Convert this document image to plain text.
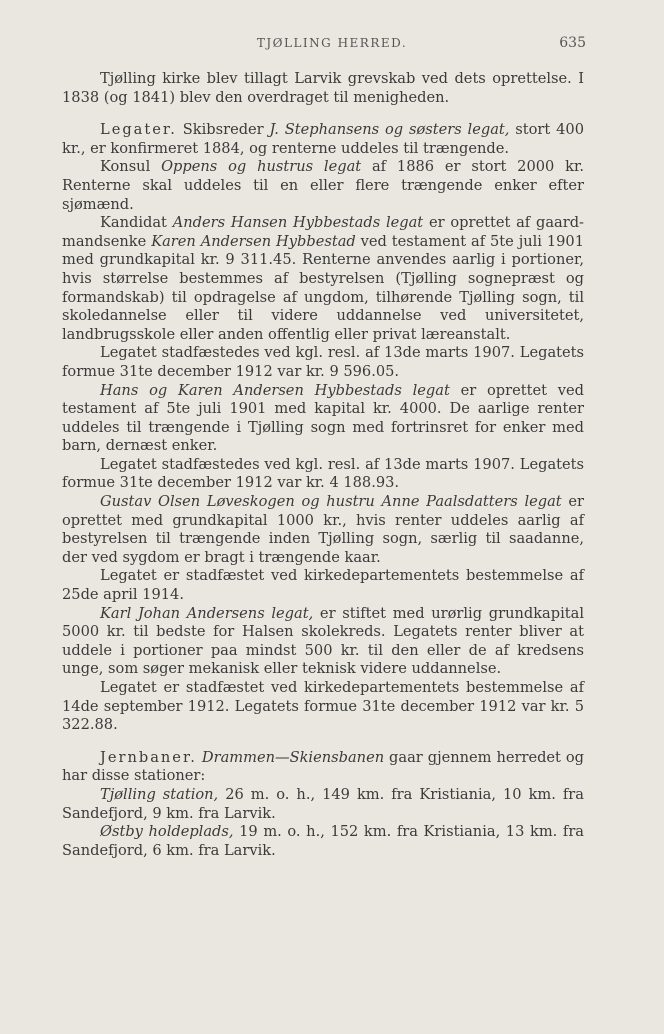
TJØLLING HERRED.	635

Tjølling kirke blev tillagt Larvik grevskab ved dets oprettelse. I 1838 (og 1841) blev den overdraget til menigheden.

Legater. Skibsreder J. Stephansens og søsters legat, stort 400 kr., er konfirmeret 1884, og renterne uddeles til trængende.

Konsul Oppens og hustrus legat af 1886 er stort 2000 kr. Renterne skal uddeles til en eller flere trængende enker efter sjømænd.

Kandidat Anders Hansen Hybbestads legat er oprettet af gaardmandsenke Karen Andersen Hybbestad ved testament af 5te juli 1901 med grundkapital kr. 9 311.45. Renterne anvendes aarlig i portioner, hvis størrelse bestemmes af bestyrelsen (Tjølling sognepræst og formandskab) til opdragelse af ungdom, tilhørende Tjølling sogn, til skoledannelse eller til videre uddannelse ved universitetet, landbrugsskole eller anden offentlig eller privat læreanstalt.

Legatet stadfæstedes ved kgl. resl. af 13de marts 1907. Legatets formue 31te december 1912 var kr. 9 596.05.

Hans og Karen Andersen Hybbestads legat er oprettet ved testament af 5te juli 1901 med kapital kr. 4000. De aarlige renter uddeles til trængende i Tjølling sogn med fortrinsret for enker med barn, dernæst enker.

Legatet stadfæstedes ved kgl. resl. af 13de marts 1907. Legatets formue 31te december 1912 var kr. 4 188.93.

Gustav Olsen Løveskogen og hustru Anne Paalsdatters legat er oprettet med grundkapital 1000 kr., hvis renter uddeles aarlig af bestyrelsen til trængende inden Tjølling sogn, særlig til saadanne, der ved sygdom er bragt i trængende kaar.

Legatet er stadfæstet ved kirkedepartementets bestemmelse af 25de april 1914.

Karl Johan Andersens legat, er stiftet med urørlig grundkapital 5000 kr. til bedste for Halsen skolekreds. Legatets renter bliver at uddele i portioner paa mindst 500 kr. til den eller de af kredsens unge, som søger mekanisk eller teknisk videre uddannelse.

Legatet er stadfæstet ved kirkedepartementets bestemmelse af 14de september 1912. Legatets formue 31te december 1912 var kr. 5 322.88.

Jernbaner. Drammen—Skiensbanen gaar gjennem herredet og har disse stationer:

Tjølling station, 26 m. o. h., 149 km. fra Kristiania, 10 km. fra Sandefjord, 9 km. fra Larvik.

Østby holdeplads, 19 m. o. h., 152 km. fra Kristiania, 13 km. fra Sandefjord, 6 km. fra Larvik.
